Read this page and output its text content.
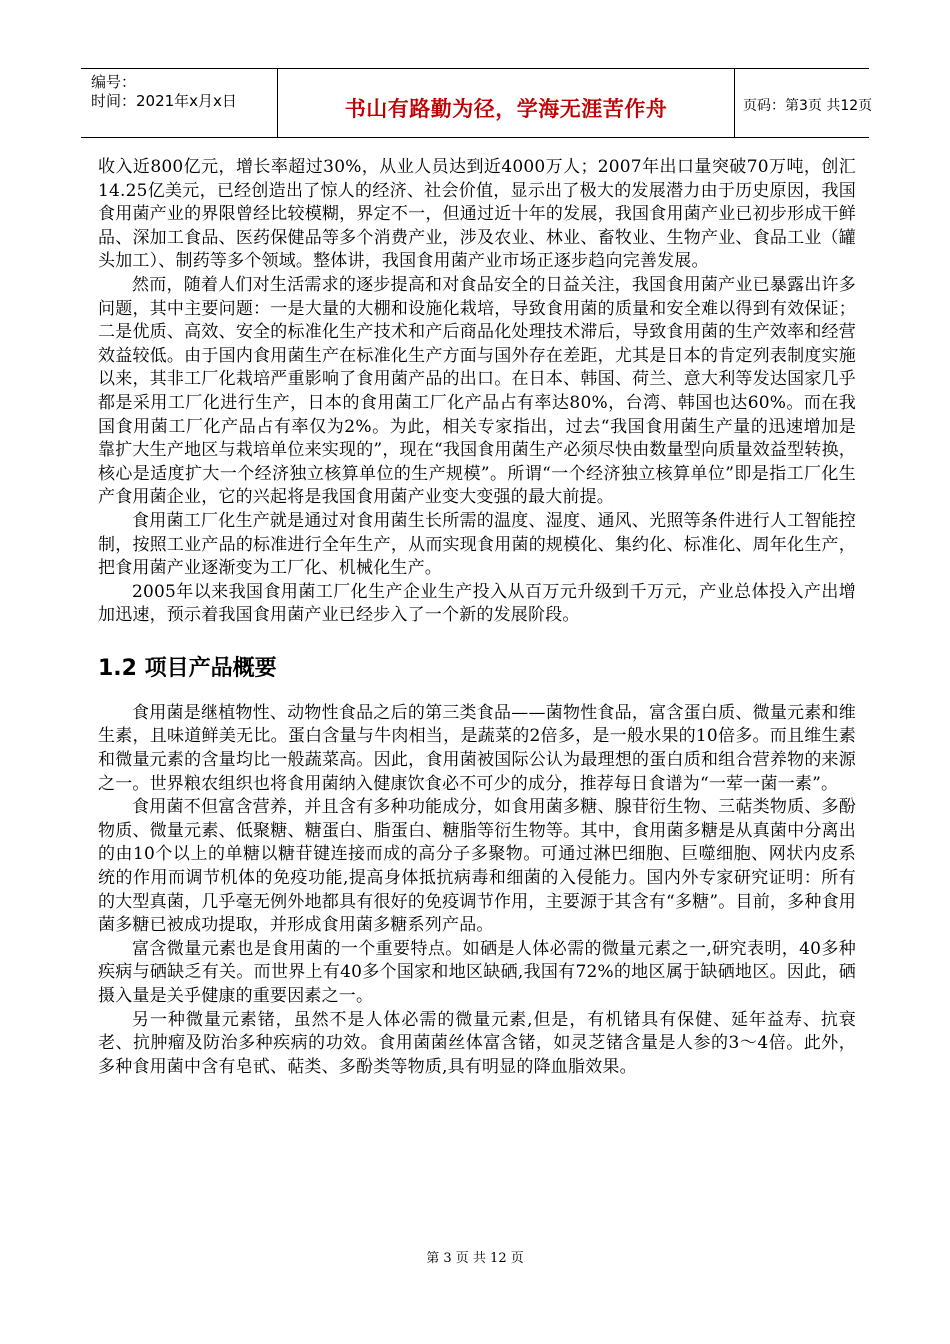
编号：
时间：2021年x月x日	书山有路勤为径，学海无涯苦作舟	页码：第3页 共12页

收入近800亿元，增长率超过30%，从业人员达到近4000万人；2007年出口量突破70万吨，创汇14.25亿美元，已经创造出了惊人的经济、社会价值，显示出了极大的发展潜力由于历史原因，我国食用菌产业的界限曾经比较模糊，界定不一，但通过近十年的发展，我国食用菌产业已初步形成干鲜品、深加工食品、医药保健品等多个消费产业，涉及农业、林业、畜牧业、生物产业、食品工业（罐头加工）、制药等多个领域。整体讲，我国食用菌产业市场正逐步趋向完善发展。

然而，随着人们对生活需求的逐步提高和对食品安全的日益关注，我国食用菌产业已暴露出许多问题，其中主要问题：一是大量的大棚和设施化栽培，导致食用菌的质量和安全难以得到有效保证；二是优质、高效、安全的标准化生产技术和产后商品化处理技术滞后，导致食用菌的生产效率和经营效益较低。由于国内食用菌生产在标准化生产方面与国外存在差距，尤其是日本的肯定列表制度实施以来，其非工厂化栽培严重影响了食用菌产品的出口。在日本、韩国、荷兰、意大利等发达国家几乎都是采用工厂化进行生产，日本的食用菌工厂化产品占有率达80%，台湾、韩国也达60%。而在我国食用菌工厂化产品占有率仅为2%。为此，相关专家指出，过去“我国食用菌生产量的迅速增加是靠扩大生产地区与栽培单位来实现的”，现在“我国食用菌生产必须尽快由数量型向质量效益型转换，核心是适度扩大一个经济独立核算单位的生产规模”。所谓“一个经济独立核算单位”即是指工厂化生产食用菌企业，它的兴起将是我国食用菌产业变大变强的最大前提。

食用菌工厂化生产就是通过对食用菌生长所需的温度、湿度、通风、光照等条件进行人工智能控制，按照工业产品的标准进行全年生产，从而实现食用菌的规模化、集约化、标准化、周年化生产，把食用菌产业逐渐变为工厂化、机械化生产。

2005年以来我国食用菌工厂化生产企业生产投入从百万元升级到千万元，产业总体投入产出增加迅速，预示着我国食用菌产业已经步入了一个新的发展阶段。

1.2 项目产品概要

食用菌是继植物性、动物性食品之后的第三类食品——菌物性食品，富含蛋白质、微量元素和维生素，且味道鲜美无比。蛋白含量与牛肉相当，是蔬菜的2倍多，是一般水果的10倍多。而且维生素和微量元素的含量均比一般蔬菜高。因此，食用菌被国际公认为最理想的蛋白质和组合营养物的来源之一。世界粮农组织也将食用菌纳入健康饮食必不可少的成分，推荐每日食谱为“一荤一菌一素”。

食用菌不但富含营养，并且含有多种功能成分，如食用菌多糖、腺苷衍生物、三萜类物质、多酚物质、微量元素、低聚糖、糖蛋白、脂蛋白、糖脂等衍生物等。其中，食用菌多糖是从真菌中分离出的由10个以上的单糖以糖苷键连接而成的高分子多聚物。可通过淋巴细胞、巨噬细胞、网状内皮系统的作用而调节机体的免疫功能,提高身体抵抗病毒和细菌的入侵能力。国内外专家研究证明：所有的大型真菌，几乎毫无例外地都具有很好的免疫调节作用，主要源于其含有“多糖”。目前，多种食用菌多糖已被成功提取，并形成食用菌多糖系列产品。

富含微量元素也是食用菌的一个重要特点。如硒是人体必需的微量元素之一,研究表明，40多种疾病与硒缺乏有关。而世界上有40多个国家和地区缺硒,我国有72%的地区属于缺硒地区。因此，硒摄入量是关乎健康的重要因素之一。

另一种微量元素锗，虽然不是人体必需的微量元素,但是，有机锗具有保健、延年益寿、抗衰老、抗肿瘤及防治多种疾病的功效。食用菌菌丝体富含锗，如灵芝锗含量是人参的3～4倍。此外，多种食用菌中含有皂甙、萜类、多酚类等物质,具有明显的降血脂效果。

第 3 页 共 12 页
